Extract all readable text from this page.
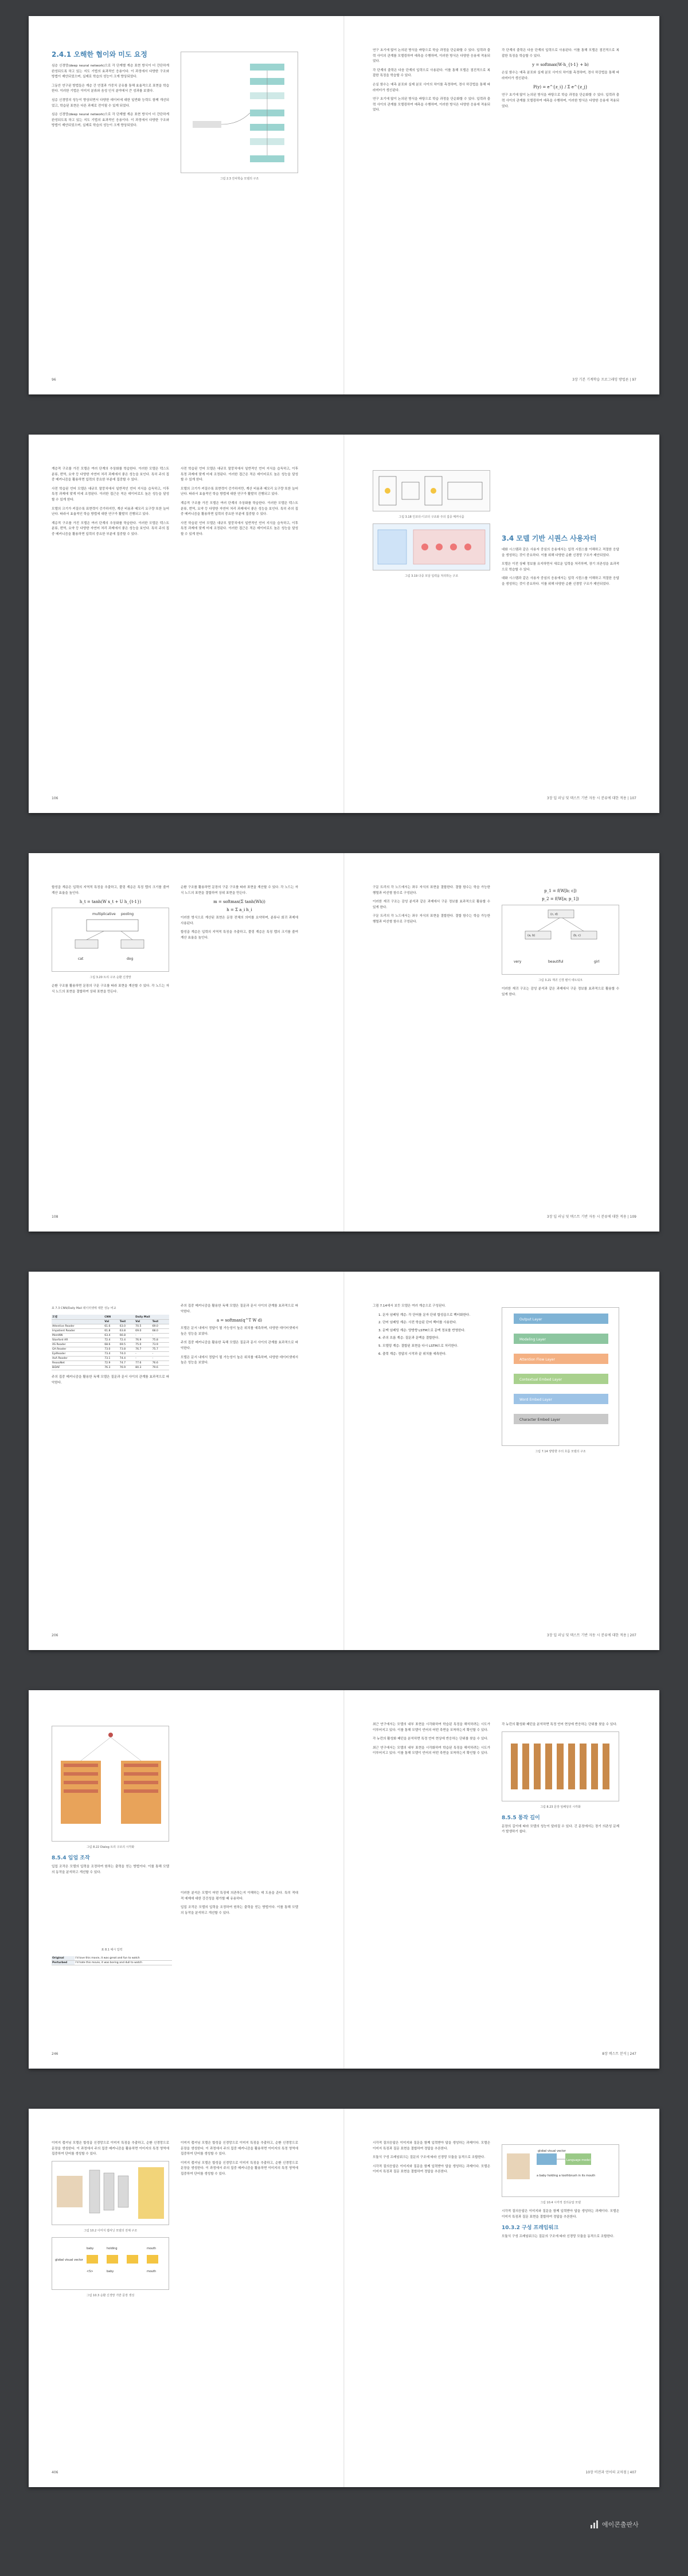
2.4.1 오해한 협이와 미도 요정

심층 신경망(deep neural network)으로 각 단계별 계층 표현 방식이 더 간단하게 완성되도록 하고 있는 지도 기법의 효과적인 응용이다. 이 과정에서 다양한 구조와 방법이 제안되었으며, 실제로 학습의 성능이 크게 향상되었다.

그동안 연구된 방법들은 계층 간 연결과 가중치 공유를 통해 효율적으로 표현을 학습한다. 이러한 기법은 이미지 분류와 음성 인식 분야에서 큰 성과를 보였다.

심층 신경망의 성능이 향상되면서 다양한 데이터에 대한 일반화 능력도 함께 개선되었고, 학습된 표현은 다른 과제로 전이될 수 있게 되었다.

심층 신경망(deep neural network)으로 각 단계별 계층 표현 방식이 더 간단하게 완성되도록 하고 있는 지도 기법의 효과적인 응용이다. 이 과정에서 다양한 구조와 방법이 제안되었으며, 실제로 학습의 성능이 크게 향상되었다.

그림 2.3 잔차학습 모델의 구조
96

연구 초기에 많이 논의된 방식을 바탕으로 학습 과정을 단순화할 수 있다. 입력과 출력 사이의 관계를 모델링하여 예측을 수행하며, 이러한 방식은 다양한 응용에 적용되었다.

각 단계의 출력은 다음 단계의 입력으로 사용된다. 이를 통해 모델은 점진적으로 복잡한 특징을 학습할 수 있다.

손실 함수는 예측 분포와 실제 분포 사이의 차이를 측정하며, 경사 하강법을 통해 파라미터가 갱신된다.

연구 초기에 많이 논의된 방식을 바탕으로 학습 과정을 단순화할 수 있다. 입력과 출력 사이의 관계를 모델링하여 예측을 수행하며, 이러한 방식은 다양한 응용에 적용되었다.

각 단계의 출력은 다음 단계의 입력으로 사용된다. 이를 통해 모델은 점진적으로 복잡한 특징을 학습할 수 있다.

y = softmax(W·h_{t-1} + b)

손실 함수는 예측 분포와 실제 분포 사이의 차이를 측정하며, 경사 하강법을 통해 파라미터가 갱신된다.

P(y) = e^{z_i} / Σ e^{z_j}

연구 초기에 많이 논의된 방식을 바탕으로 학습 과정을 단순화할 수 있다. 입력과 출력 사이의 관계를 모델링하여 예측을 수행하며, 이러한 방식은 다양한 응용에 적용되었다.

3장 기본 기계학습 프로그래밍 방법론 | 97

계층적 구조를 가진 모델은 여러 단계의 추상화를 학습한다. 이러한 모델은 텍스트 분류, 번역, 요약 등 다양한 자연어 처리 과제에서 좋은 성능을 보인다. 특히 주의 집중 메커니즘을 활용하면 입력의 중요한 부분에 집중할 수 있다.

사전 학습된 언어 모델은 대규모 말뭉치에서 일반적인 언어 지식을 습득하고, 이후 특정 과제에 맞게 미세 조정된다. 이러한 접근은 적은 데이터로도 높은 성능을 달성할 수 있게 한다.

모델의 크기가 커질수록 표현력이 증가하지만, 계산 비용과 메모리 요구량 또한 늘어난다. 따라서 효율적인 학습 방법에 대한 연구가 활발히 진행되고 있다.

계층적 구조를 가진 모델은 여러 단계의 추상화를 학습한다. 이러한 모델은 텍스트 분류, 번역, 요약 등 다양한 자연어 처리 과제에서 좋은 성능을 보인다. 특히 주의 집중 메커니즘을 활용하면 입력의 중요한 부분에 집중할 수 있다.

사전 학습된 언어 모델은 대규모 말뭉치에서 일반적인 언어 지식을 습득하고, 이후 특정 과제에 맞게 미세 조정된다. 이러한 접근은 적은 데이터로도 높은 성능을 달성할 수 있게 한다.

모델의 크기가 커질수록 표현력이 증가하지만, 계산 비용과 메모리 요구량 또한 늘어난다. 따라서 효율적인 학습 방법에 대한 연구가 활발히 진행되고 있다.

계층적 구조를 가진 모델은 여러 단계의 추상화를 학습한다. 이러한 모델은 텍스트 분류, 번역, 요약 등 다양한 자연어 처리 과제에서 좋은 성능을 보인다. 특히 주의 집중 메커니즘을 활용하면 입력의 중요한 부분에 집중할 수 있다.

사전 학습된 언어 모델은 대규모 말뭉치에서 일반적인 언어 지식을 습득하고, 이후 특정 과제에 맞게 미세 조정된다. 이러한 접근은 적은 데이터로도 높은 성능을 달성할 수 있게 한다.

106
그림 3.18 인코더-디코더 구조와 주의 집중 메커니즘
그림 3.19 다중 모달 입력을 처리하는 구조
3.4 모델 기반 시퀀스 사용자터

대화 시스템과 같은 사용자 중심의 응용에서는 입력 시퀀스를 이해하고 적절한 응답을 생성하는 것이 중요하다. 이를 위해 다양한 순환 신경망 구조가 제안되었다.

모델은 이전 상태 정보를 유지하면서 새로운 입력을 처리하며, 장기 의존성을 효과적으로 학습할 수 있다.

대화 시스템과 같은 사용자 중심의 응용에서는 입력 시퀀스를 이해하고 적절한 응답을 생성하는 것이 중요하다. 이를 위해 다양한 순환 신경망 구조가 제안되었다.

3장 딥 러닝 및 텍스트 기반 자동 시 분류에 대한 적용 | 107

합성곱 계층은 입력의 지역적 특징을 추출하고, 풀링 계층은 특징 맵의 크기를 줄여 계산 효율을 높인다.

h_t = tanh(W x_t + U h_{t-1})
multiplicative pooling
cat	dog
그림 3.20 트리 구조 순환 신경망

순환 구조를 활용하면 문장의 구문 구조를 따라 표현을 계산할 수 있다. 각 노드는 자식 노드의 표현을 결합하여 상위 표현을 만든다.

순환 구조를 활용하면 문장의 구문 구조를 따라 표현을 계산할 수 있다. 각 노드는 자식 노드의 표현을 결합하여 상위 표현을 만든다.

m = softmax(Σ tanh(Wh))
h = Σ a_i h_i

이러한 방식으로 계산된 표현은 문장 전체의 의미를 요약하며, 분류나 회귀 과제에 사용된다.

합성곱 계층은 입력의 지역적 특징을 추출하고, 풀링 계층은 특징 맵의 크기를 줄여 계산 효율을 높인다.

108

구문 트리의 각 노드에서는 좌우 자식의 표현을 결합한다. 결합 함수는 학습 가능한 행렬과 비선형 함수로 구성된다.

이러한 재귀 구조는 감성 분석과 같은 과제에서 구문 정보를 효과적으로 활용할 수 있게 한다.

구문 트리의 각 노드에서는 좌우 자식의 표현을 결합한다. 결합 함수는 학습 가능한 행렬과 비선형 함수로 구성된다.

p_1 = f(W[b; c])
p_2 = f(W[a; p_1])
(a, b)	(b, c)
(c, d)
very	beautiful	girl
그림 3.21 재귀 신경 텐서 네트워크

이러한 재귀 구조는 감성 분석과 같은 과제에서 구문 정보를 효과적으로 활용할 수 있게 한다.

3장 딥 러닝 및 텍스트 기반 자동 시 분류에 대한 적용 | 109
표 7.3 CNN/Daily Mail 데이터셋에 대한 성능 비교
모델	CNN		Daily Mail	
	Val	Test	Val	Test
Attentive Reader	61.6	63.0	70.5	69.0
Impatient Reader	61.8	63.8	69.0	68.0
MemNN	63.4	66.8	-	-
Stanford AR	72.4	72.4	76.9	75.8
AS Reader	68.6	69.5	75.0	73.9
GA Reader	73.0	73.8	76.7	75.7
EpiReader	73.4	74.0	-	-
AoA Reader	73.1	74.4	-	-
ReasoNet	72.9	74.7	77.6	76.6
BiDAF	76.3	76.9	80.3	79.6

주의 집중 메커니즘을 활용한 독해 모델은 질문과 문서 사이의 관계를 효과적으로 파악한다.

주의 집중 메커니즘을 활용한 독해 모델은 질문과 문서 사이의 관계를 효과적으로 파악한다.

a = softmax(q^T W d)

모델은 문서 내에서 정답이 될 가능성이 높은 위치를 예측하며, 다양한 데이터셋에서 높은 성능을 보였다.

주의 집중 메커니즘을 활용한 독해 모델은 질문과 문서 사이의 관계를 효과적으로 파악한다.

모델은 문서 내에서 정답이 될 가능성이 높은 위치를 예측하며, 다양한 데이터셋에서 높은 성능을 보였다.

206

그림 7.14에서 보듯 모델은 여러 계층으로 구성된다.

1. 문자 임베딩 계층: 각 단어를 문자 단위 합성곱으로 벡터화한다.
2. 단어 임베딩 계층: 사전 학습된 단어 벡터를 사용한다.
3. 문맥 임베딩 계층: 양방향 LSTM으로 문맥 정보를 반영한다.
4. 주의 흐름 계층: 질문과 문맥을 결합한다.
5. 모델링 계층: 결합된 표현을 다시 LSTM으로 처리한다.
6. 출력 계층: 정답의 시작과 끝 위치를 예측한다.
Output Layer
Modeling Layer
Attention Flow Layer
Contextual Embed Layer
Word Embed Layer
Character Embed Layer
그림 7.14 양방향 주의 흐름 모델의 구조
3장 딥 러닝 및 텍스트 기반 자동 시 분류에 대한 적용 | 207
그림 8.22 Dialog 트리 구조의 시각화
8.5.4 입업 조작

입업 조작은 모델의 입력을 조정하여 원하는 출력을 얻는 방법이다. 이를 통해 모델의 동작을 분석하고 개선할 수 있다.

이러한 분석은 모델이 어떤 특징에 의존하는지 이해하는 데 도움을 준다. 특히 적대적 예제에 대한 강건성을 평가할 때 유용하다.

입업 조작은 모델의 입력을 조정하여 원하는 출력을 얻는 방법이다. 이를 통해 모델의 동작을 분석하고 개선할 수 있다.

표 8.1 예시 입력
Original	I'd love this movie, it was great and fun to watch
Perturbed	I'd hate this movie, it was boring and dull to watch
246

최근 연구에서는 모델의 내부 표현을 시각화하여 학습된 특징을 해석하려는 시도가 이루어지고 있다. 이를 통해 모델이 언어의 어떤 측면을 포착하는지 확인할 수 있다.

각 뉴런의 활성화 패턴을 분석하면 특정 언어 현상에 반응하는 단위를 찾을 수 있다.

최근 연구에서는 모델의 내부 표현을 시각화하여 학습된 특징을 해석하려는 시도가 이루어지고 있다. 이를 통해 모델이 언어의 어떤 측면을 포착하는지 확인할 수 있다.

각 뉴런의 활성화 패턴을 분석하면 특정 언어 현상에 반응하는 단위를 찾을 수 있다.

그림 8.23 문장 임베딩의 시각화
8.5.5 통작 길이

문장의 길이에 따라 모델의 성능이 달라질 수 있다. 긴 문장에서는 장기 의존성 문제가 발생하기 쉽다.

8장 텍스트 분석 | 247

이미지 캡셔닝 모델은 합성곱 신경망으로 이미지 특징을 추출하고, 순환 신경망으로 문장을 생성한다. 이 과정에서 주의 집중 메커니즘을 활용하면 이미지의 특정 영역에 집중하여 단어를 생성할 수 있다.

그림 10.2 이미지 캡셔닝 모델의 전체 구조
global visual vector
baby	holding	mouth
<S>	baby	mouth
그림 10.3 순환 신경망 기반 문장 생성

이미지 캡셔닝 모델은 합성곱 신경망으로 이미지 특징을 추출하고, 순환 신경망으로 문장을 생성한다. 이 과정에서 주의 집중 메커니즘을 활용하면 이미지의 특정 영역에 집중하여 단어를 생성할 수 있다.

이미지 캡셔닝 모델은 합성곱 신경망으로 이미지 특징을 추출하고, 순환 신경망으로 문장을 생성한다. 이 과정에서 주의 집중 메커니즘을 활용하면 이미지의 특정 영역에 집중하여 단어를 생성할 수 있다.

406

시각적 질의응답은 이미지와 질문을 함께 입력받아 답을 생성하는 과제이다. 모델은 이미지 특징과 질문 표현을 결합하여 정답을 추론한다.

모듈식 구성 프레임워크는 질문의 구조에 따라 신경망 모듈을 동적으로 조합한다.

시각적 질의응답은 이미지와 질문을 함께 입력받아 답을 생성하는 과제이다. 모델은 이미지 특징과 질문 표현을 결합하여 정답을 추론한다.

global visual vector
Language model
a baby holding a toothbrush in its mouth
그림 10.4 시각적 질의응답 모델

시각적 질의응답은 이미지와 질문을 함께 입력받아 답을 생성하는 과제이다. 모델은 이미지 특징과 질문 표현을 결합하여 정답을 추론한다.

10.3.2 구성 프레임워크

모듈식 구성 프레임워크는 질문의 구조에 따라 신경망 모듈을 동적으로 조합한다.

10장 비전과 언어의 교차점 | 407
에이콘출판사
